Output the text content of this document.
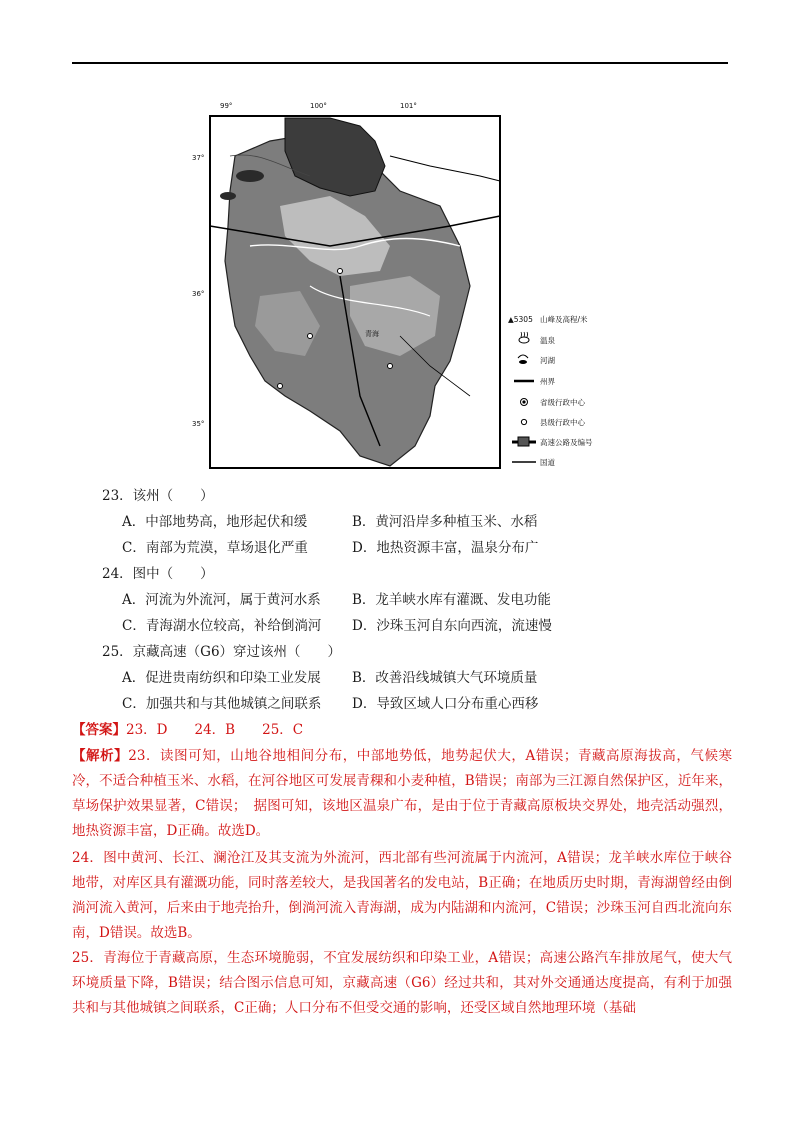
99°	100°	101°
37°
36°
35°
青海
▲5305 山峰及高程/米
温泉
河湖
州界
省级行政中心
县级行政中心
高速公路及编号
国道
23．该州（　　）
A．中部地势高，地形起伏和缓	B．黄河沿岸多种植玉米、水稻
C．南部为荒漠，草场退化严重	D．地热资源丰富，温泉分布广
24．图中（　　）
A．河流为外流河，属于黄河水系 B．龙羊峡水库有灌溉、发电功能
C．青海湖水位较高，补给倒淌河 D．沙珠玉河自东向西流，流速慢
25．京藏高速（G6）穿过该州（　　）
A．促进贵南纺织和印染工业发展 B．改善沿线城镇大气环境质量
C．加强共和与其他城镇之间联系 D．导致区域人口分布重心西移
【答案】23．D　　24．B　　25．C
【解析】23．读图可知，山地谷地相间分布，中部地势低，地势起伏大，A错误；青藏高原海拔高，气候寒冷，不适合种植玉米、水稻，在河谷地区可发展青稞和小麦种植，B错误；南部为三江源自然保护区，近年来，草场保护效果显著，C错误；　据图可知，该地区温泉广布，是由于位于青藏高原板块交界处，地壳活动强烈，地热资源丰富，D正确。故选D。
24．图中黄河、长江、澜沧江及其支流为外流河，西北部有些河流属于内流河，A错误；龙羊峡水库位于峡谷地带，对库区具有灌溉功能，同时落差较大，是我国著名的发电站，B正确；在地质历史时期，青海湖曾经由倒淌河流入黄河，后来由于地壳抬升，倒淌河流入青海湖，成为内陆湖和内流河，C错误；沙珠玉河自西北流向东南，D错误。故选B。
25．青海位于青藏高原，生态环境脆弱，不宜发展纺织和印染工业，A错误；高速公路汽车排放尾气，使大气环境质量下降，B错误；结合图示信息可知，京藏高速（G6）经过共和，其对外交通通达度提高，有利于加强共和与其他城镇之间联系，C正确；人口分布不但受交通的影响，还受区域自然地理环境（基础
